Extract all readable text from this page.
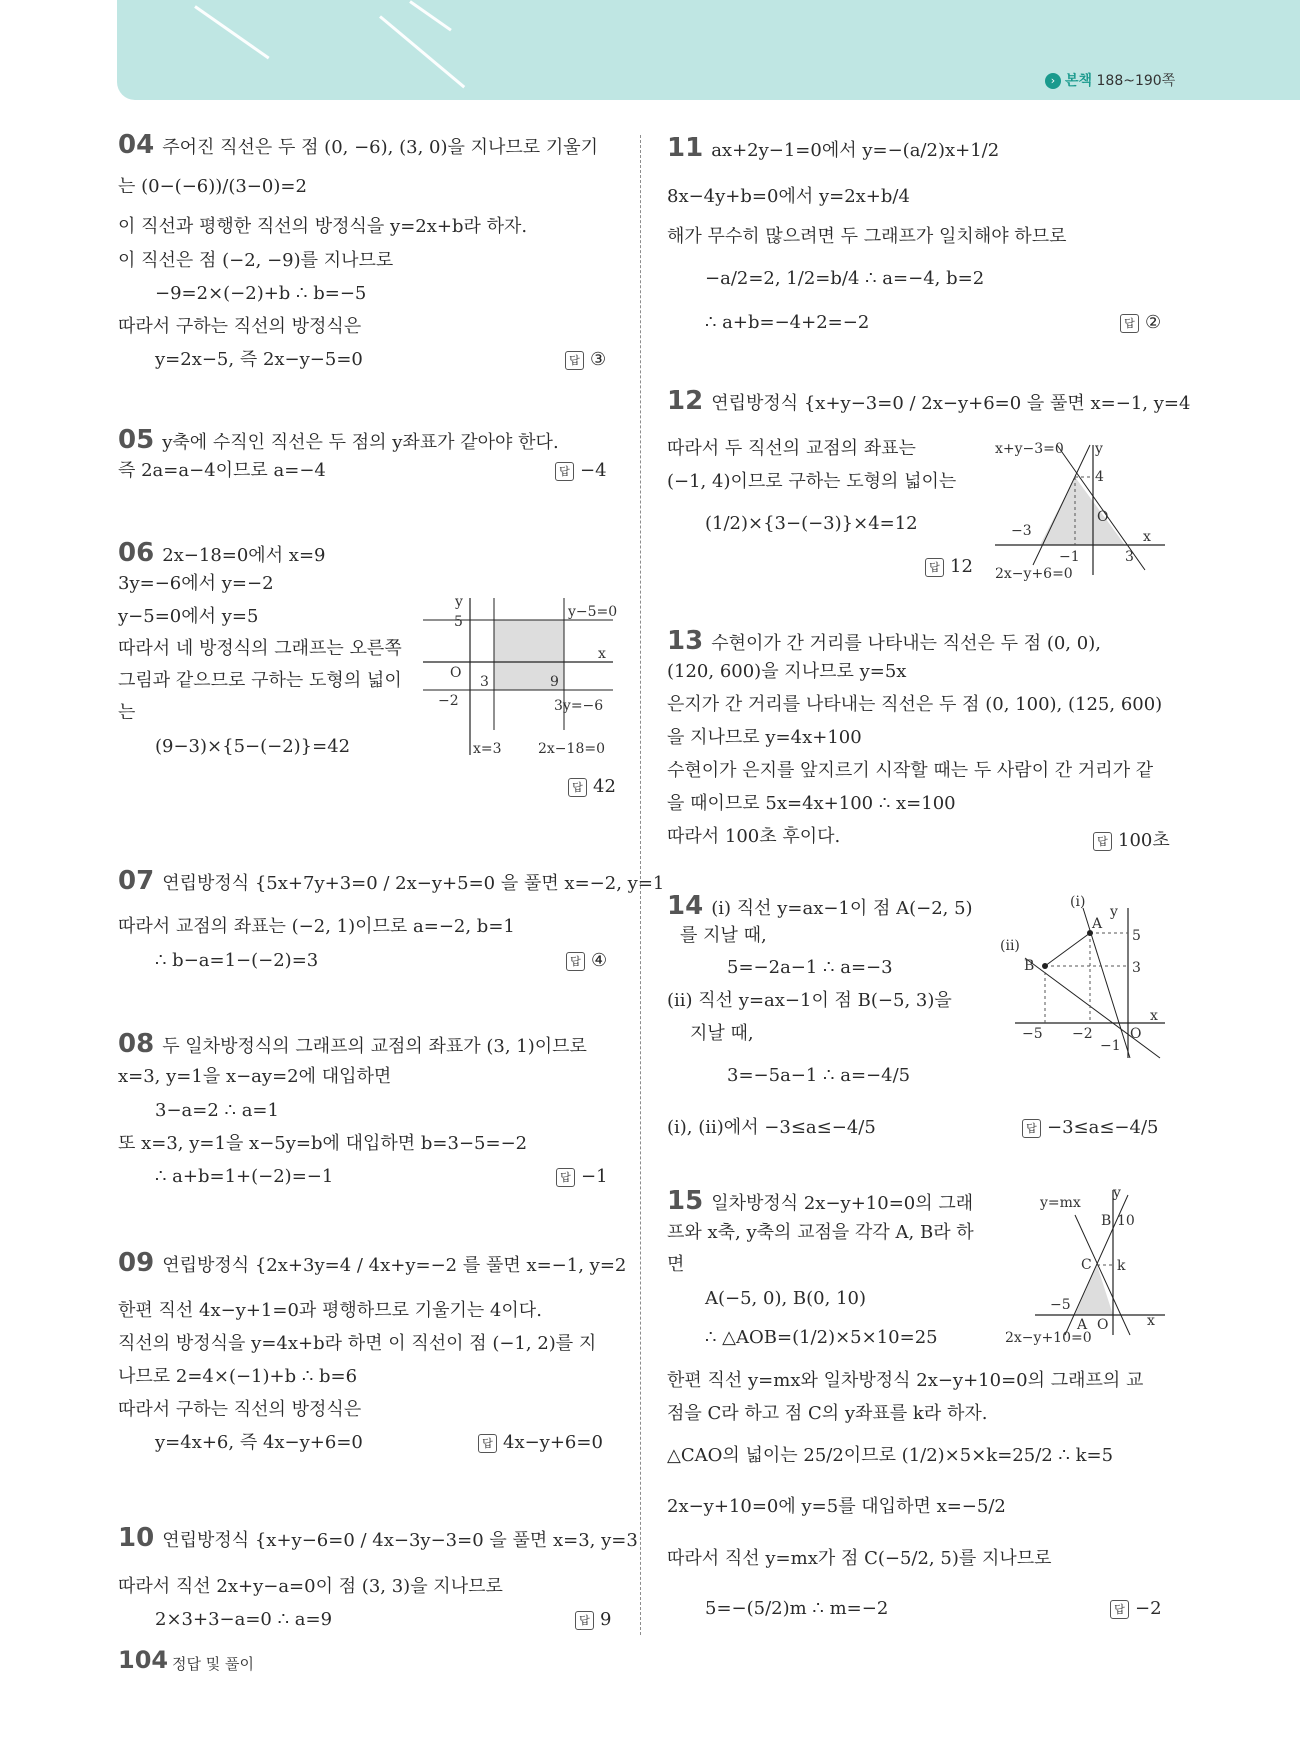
› 본책 188~190쪽
04 주어진 직선은 두 점 (0, −6), (3, 0)을 지나므로 기울기
는 (0−(−6))/(3−0)=2
이 직선과 평행한 직선의 방정식을 y=2x+b라 하자.
이 직선은 점 (−2, −9)를 지나므로
−9=2×(−2)+b ∴ b=−5
따라서 구하는 직선의 방정식은
y=2x−5, 즉 2x−y−5=0	답 ③
05 y축에 수직인 직선은 두 점의 y좌표가 같아야 한다.
즉 2a=a−4이므로 a=−4	답 −4
06 2x−18=0에서 x=9
3y=−6에서 y=−2
y−5=0에서 y=5
따라서 네 방정식의 그래프는 오른쪽
그림과 같으므로 구하는 도형의 넓이
는
(9−3)×{5−(−2)}=42
y
x
O
5
−2
3	9
y−5=0
3y=−6
x=3	2x−18=0
답 42
07 연립방정식 {5x+7y+3=0 / 2x−y+5=0 을 풀면 x=−2, y=1
따라서 교점의 좌표는 (−2, 1)이므로 a=−2, b=1
∴ b−a=1−(−2)=3	답 ④
08 두 일차방정식의 그래프의 교점의 좌표가 (3, 1)이므로
x=3, y=1을 x−ay=2에 대입하면
3−a=2 ∴ a=1
또 x=3, y=1을 x−5y=b에 대입하면 b=3−5=−2
∴ a+b=1+(−2)=−1	답 −1
09 연립방정식 {2x+3y=4 / 4x+y=−2 를 풀면 x=−1, y=2
한편 직선 4x−y+1=0과 평행하므로 기울기는 4이다.
직선의 방정식을 y=4x+b라 하면 이 직선이 점 (−1, 2)를 지
나므로 2=4×(−1)+b ∴ b=6
따라서 구하는 직선의 방정식은
y=4x+6, 즉 4x−y+6=0	답 4x−y+6=0
10 연립방정식 {x+y−6=0 / 4x−3y−3=0 을 풀면 x=3, y=3
따라서 직선 2x+y−a=0이 점 (3, 3)을 지나므로
2×3+3−a=0 ∴ a=9	답 9
11 ax+2y−1=0에서 y=−(a/2)x+1/2
8x−4y+b=0에서 y=2x+b/4
해가 무수히 많으려면 두 그래프가 일치해야 하므로
−a/2=2, 1/2=b/4 ∴ a=−4, b=2
∴ a+b=−4+2=−2	답 ②
12 연립방정식 {x+y−3=0 / 2x−y+6=0 을 풀면 x=−1, y=4
따라서 두 직선의 교점의 좌표는
(−1, 4)이므로 구하는 도형의 넓이는
(1/2)×{3−(−3)}×4=12
답 12
x+y−3=0 y
x
O
4
−3
−1	3
2x−y+6=0
13 수현이가 간 거리를 나타내는 직선은 두 점 (0, 0),
(120, 600)을 지나므로 y=5x
은지가 간 거리를 나타내는 직선은 두 점 (0, 100), (125, 600)
을 지나므로 y=4x+100
수현이가 은지를 앞지르기 시작할 때는 두 사람이 간 거리가 같
을 때이므로 5x=4x+100 ∴ x=100
따라서 100초 후이다.	답 100초
14 (i) 직선 y=ax−1이 점 A(−2, 5)
를 지날 때,
5=−2a−1 ∴ a=−3
(ii) 직선 y=ax−1이 점 B(−5, 3)을
지날 때,
3=−5a−1 ∴ a=−4/5
(i), (ii)에서 −3≤a≤−4/5	답 −3≤a≤−4/5
(i)
(ii)
A
B
y
x
O
5
3
−5 −2
−1
15 일차방정식 2x−y+10=0의 그래
프와 x축, y축의 교점을 각각 A, B라 하
면
A(−5, 0), B(0, 10)
∴ △AOB=(1/2)×5×10=25
한편 직선 y=mx와 일차방정식 2x−y+10=0의 그래프의 교
점을 C라 하고 점 C의 y좌표를 k라 하자.
△CAO의 넓이는 25/2이므로 (1/2)×5×k=25/2 ∴ k=5
2x−y+10=0에 y=5를 대입하면 x=−5/2
따라서 직선 y=mx가 점 C(−5/2, 5)를 지나므로
5=−(5/2)m ∴ m=−2	답 −2
y=mx
y
B 10
C k
−5
A O	x
2x−y+10=0
104 정답 및 풀이
